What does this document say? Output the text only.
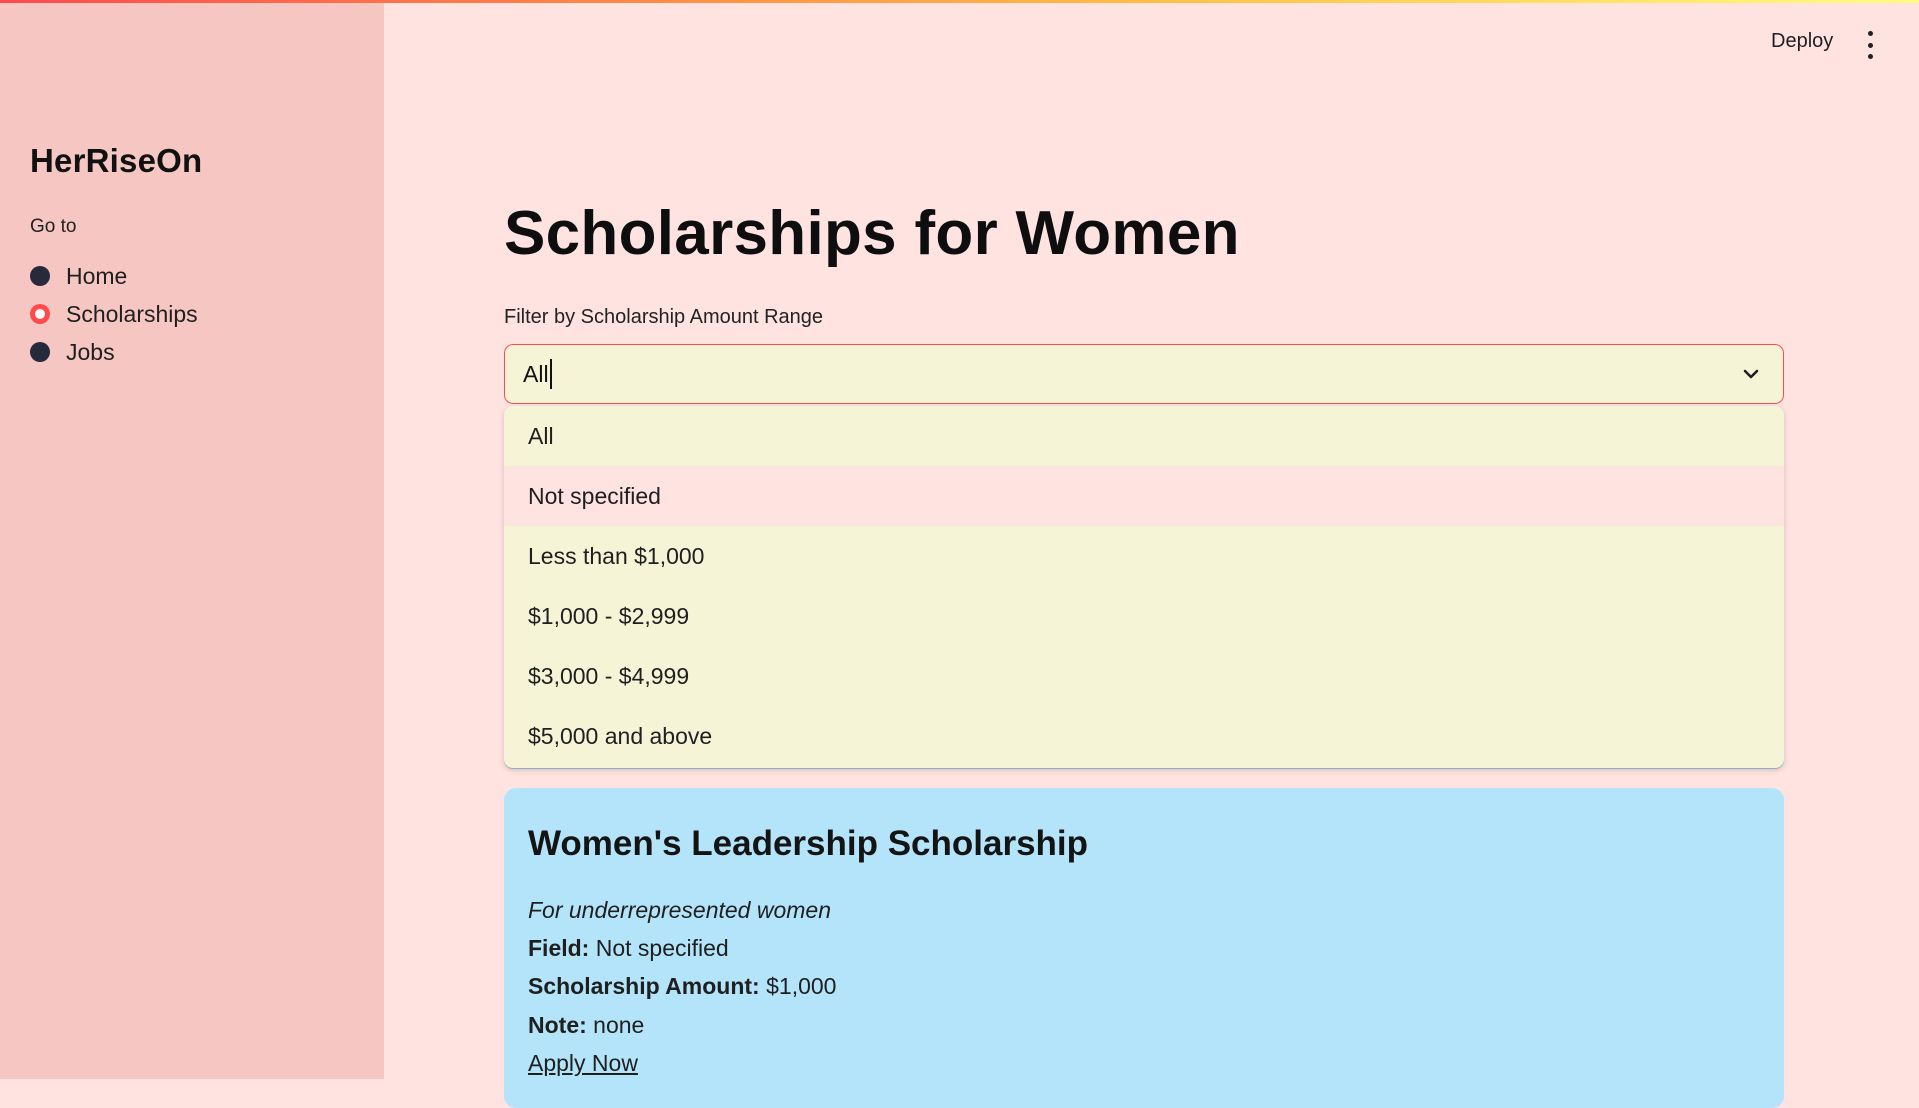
HerRiseOn
Go to
Home
Scholarships
Jobs
Deploy
Scholarships for Women
Filter by Scholarship Amount Range
All
All
Not specified
Less than $1,000
$1,000 - $2,999
$3,000 - $4,999
$5,000 and above
Women's Leadership Scholarship
For underrepresented women
Field: Not specified
Scholarship Amount: $1,000
Note: none
Apply Now
